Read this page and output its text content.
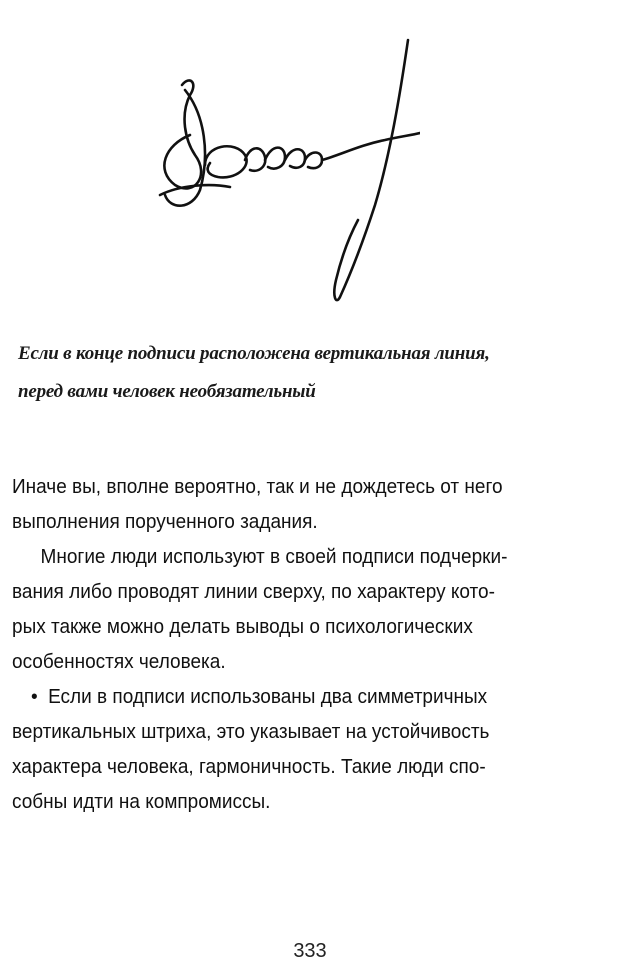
Если в конце подписи расположена вертикальная линия,
перед вами человек необязательный
Иначе вы, вполне вероятно, так и не дождетесь от него
выполнения порученного задания.
Многие люди используют в своей подписи подчерки-
вания либо проводят линии сверху, по характеру кото-
рых также можно делать выводы о психологических
особенностях человека.
• Если в подписи использованы два симметричных
вертикальных штриха, это указывает на устойчивость
характера человека, гармоничность. Такие люди спо-
собны идти на компромиссы.
333
